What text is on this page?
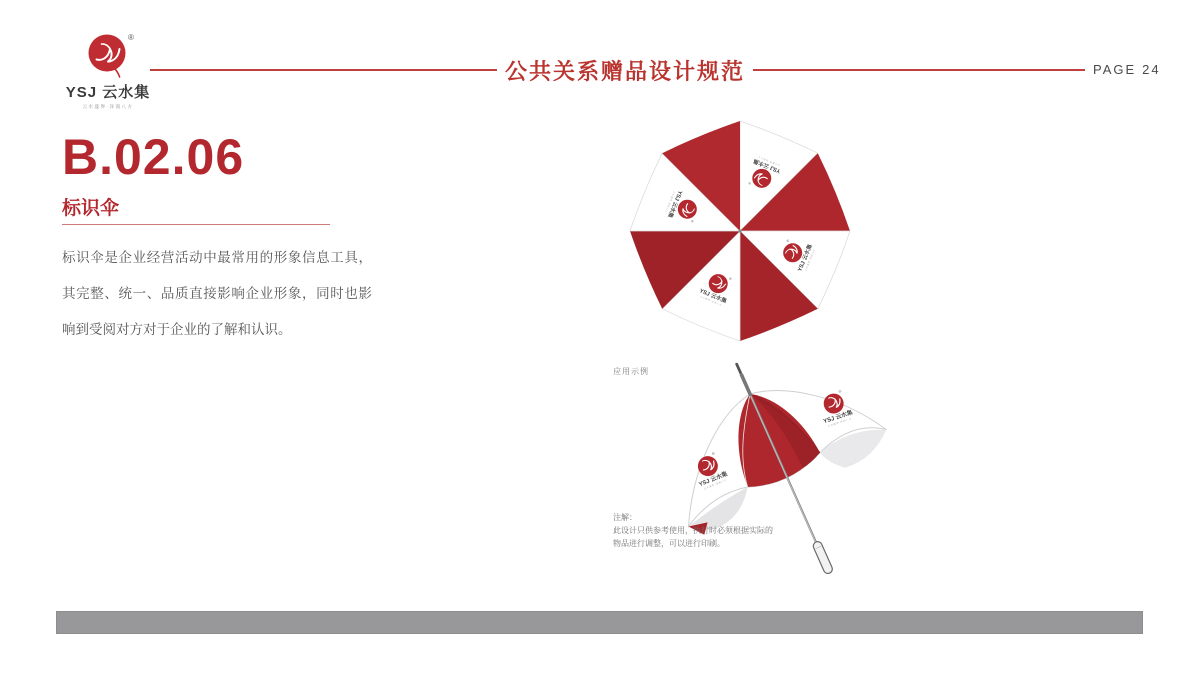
®
YSJ 云水集
云水盛界·泽润八方
公共关系赠品设计规范	PAGE 24
B.02.06
标识伞

标识伞是企业经营活动中最常用的形象信息工具，其完整、统一、品质直接影响企业形象，同时也影响到受阅对方对于企业的了解和认识。

应用示例
注解：
此设计只供参考使用，执行时必须根据实际的
物品进行调整，可以进行印刷。
